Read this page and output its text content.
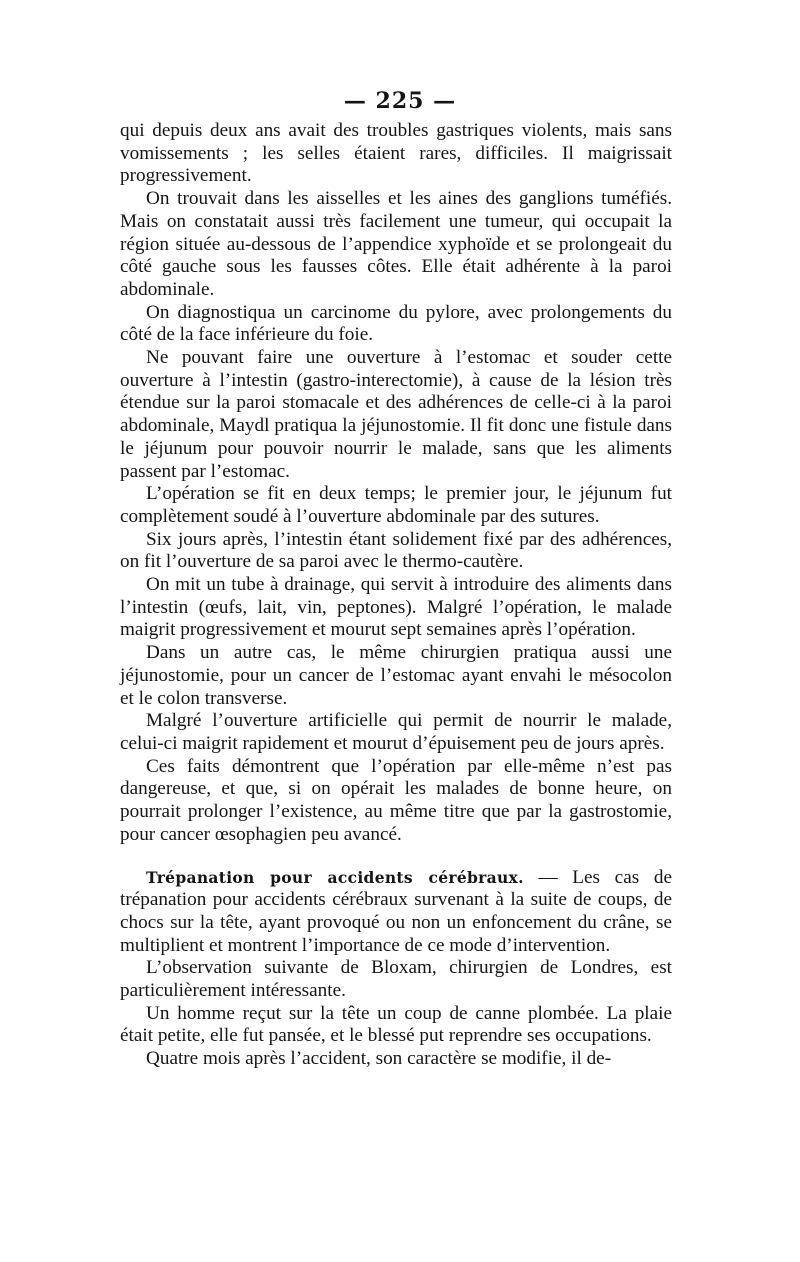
— 225 —

qui depuis deux ans avait des troubles gastriques violents, mais sans vomissements ; les selles étaient rares, difficiles. Il maigrissait progressivement.

On trouvait dans les aisselles et les aines des ganglions tuméfiés. Mais on constatait aussi très facilement une tumeur, qui occupait la région située au-dessous de l’appendice xyphoïde et se prolongeait du côté gauche sous les fausses côtes. Elle était adhérente à la paroi abdominale.

On diagnostiqua un carcinome du pylore, avec prolongements du côté de la face inférieure du foie.

Ne pouvant faire une ouverture à l’estomac et souder cette ouverture à l’intestin (gastro-interectomie), à cause de la lésion très étendue sur la paroi stomacale et des adhérences de celle-ci à la paroi abdominale, Maydl pratiqua la jéjunostomie. Il fit donc une fistule dans le jéjunum pour pouvoir nourrir le malade, sans que les aliments passent par l’estomac.

L’opération se fit en deux temps; le premier jour, le jéjunum fut complètement soudé à l’ouverture abdominale par des sutures.

Six jours après, l’intestin étant solidement fixé par des adhérences, on fit l’ouverture de sa paroi avec le thermo-cautère.

On mit un tube à drainage, qui servit à introduire des aliments dans l’intestin (œufs, lait, vin, peptones). Malgré l’opération, le malade maigrit progressivement et mourut sept semaines après l’opération.

Dans un autre cas, le même chirurgien pratiqua aussi une jéjunostomie, pour un cancer de l’estomac ayant envahi le mésocolon et le colon transverse.

Malgré l’ouverture artificielle qui permit de nourrir le malade, celui-ci maigrit rapidement et mourut d’épuisement peu de jours après.

Ces faits démontrent que l’opération par elle-même n’est pas dangereuse, et que, si on opérait les malades de bonne heure, on pourrait prolonger l’existence, au même titre que par la gastrostomie, pour cancer œsophagien peu avancé.

Trépanation pour accidents cérébraux. — Les cas de trépanation pour accidents cérébraux survenant à la suite de coups, de chocs sur la tête, ayant provoqué ou non un enfoncement du crâne, se multiplient et montrent l’importance de ce mode d’intervention.

L’observation suivante de Bloxam, chirurgien de Londres, est particulièrement intéressante.

Un homme reçut sur la tête un coup de canne plombée. La plaie était petite, elle fut pansée, et le blessé put reprendre ses occupations.

Quatre mois après l’accident, son caractère se modifie, il de-
